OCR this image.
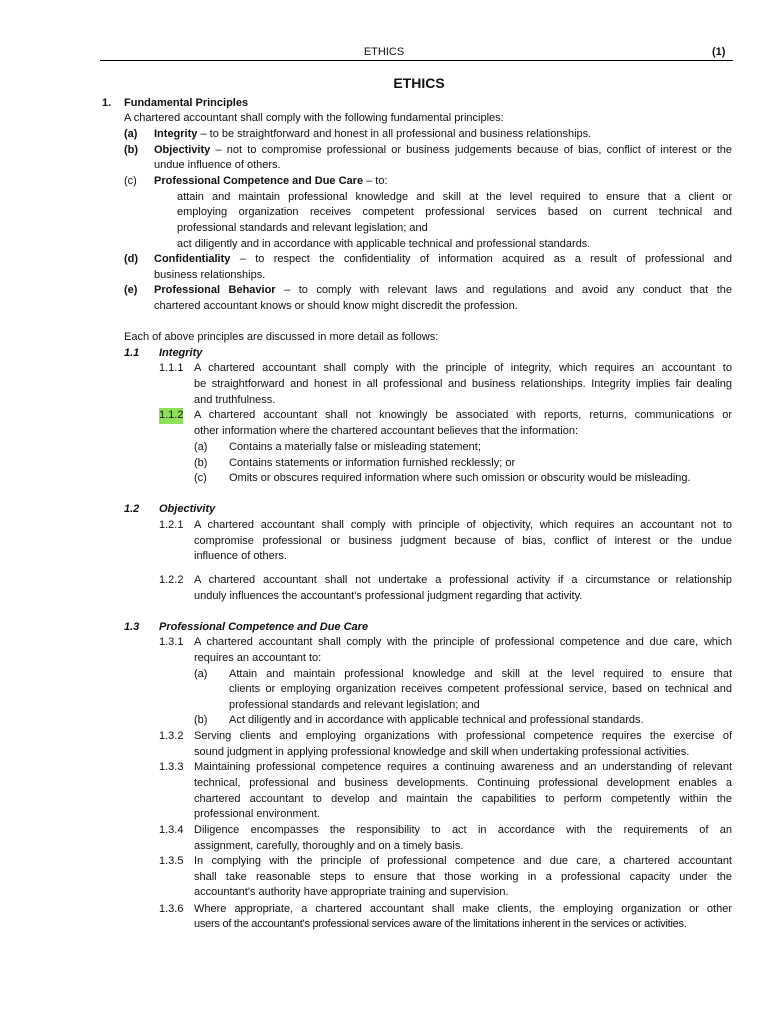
ETHICS	(1)
ETHICS
1. Fundamental Principles
A chartered accountant shall comply with the following fundamental principles:
(a) Integrity – to be straightforward and honest in all professional and business relationships.
(b) Objectivity – not to compromise professional or business judgements because of bias, conflict of interest or the
undue influence of others.
(c) Professional Competence and Due Care – to:
attain and maintain professional knowledge and skill at the level required to ensure that a client or
employing organization receives competent professional services based on current technical and
professional standards and relevant legislation; and
act diligently and in accordance with applicable technical and professional standards.
(d) Confidentiality – to respect the confidentiality of information acquired as a result of professional and
business relationships.
(e) Professional Behavior – to comply with relevant laws and regulations and avoid any conduct that the
chartered accountant knows or should know might discredit the profession.
Each of above principles are discussed in more detail as follows:
1.1 Integrity
1.1.1 A chartered accountant shall comply with the principle of integrity, which requires an accountant to
be straightforward and honest in all professional and business relationships. Integrity implies fair dealing
and truthfulness.
1.1.2 A chartered accountant shall not knowingly be associated with reports, returns, communications or
other information where the chartered accountant believes that the information:
(a) Contains a materially false or misleading statement;
(b) Contains statements or information furnished recklessly; or
(c) Omits or obscures required information where such omission or obscurity would be misleading.
1.2 Objectivity
1.2.1 A chartered accountant shall comply with principle of objectivity, which requires an accountant not to
compromise professional or business judgment because of bias, conflict of interest or the undue
influence of others.
1.2.2 A chartered accountant shall not undertake a professional activity if a circumstance or relationship
unduly influences the accountant's professional judgment regarding that activity.
1.3 Professional Competence and Due Care
1.3.1 A chartered accountant shall comply with the principle of professional competence and due care, which
requires an accountant to:
(a) Attain and maintain professional knowledge and skill at the level required to ensure that
clients or employing organization receives competent professional service, based on technical and
professional standards and relevant legislation; and
(b) Act diligently and in accordance with applicable technical and professional standards.
1.3.2 Serving clients and employing organizations with professional competence requires the exercise of
sound judgment in applying professional knowledge and skill when undertaking professional activities.
1.3.3 Maintaining professional competence requires a continuing awareness and an understanding of relevant
technical, professional and business developments. Continuing professional development enables a
chartered accountant to develop and maintain the capabilities to perform competently within the
professional environment.
1.3.4 Diligence encompasses the responsibility to act in accordance with the requirements of an
assignment, carefully, thoroughly and on a timely basis.
1.3.5 In complying with the principle of professional competence and due care, a chartered accountant
shall take reasonable steps to ensure that those working in a professional capacity under the
accountant's authority have appropriate training and supervision.
1.3.6 Where appropriate, a chartered accountant shall make clients, the employing organization or other
users of the accountant's professional services aware of the limitations inherent in the services or activities.
